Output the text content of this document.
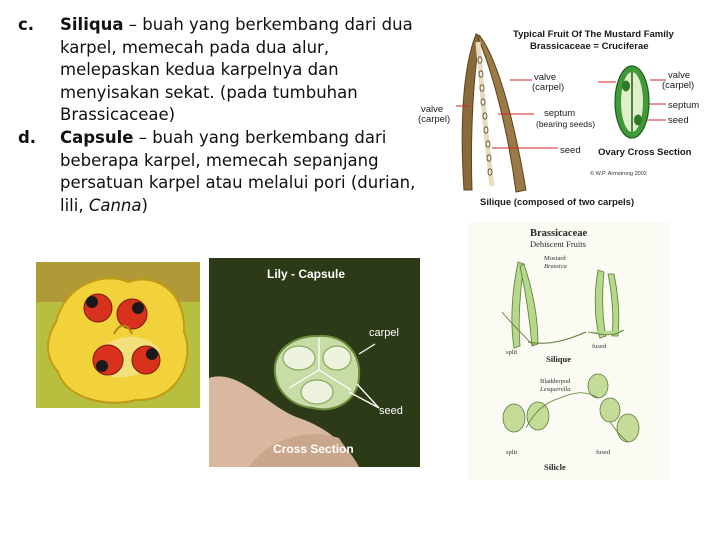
c.	Siliqua – buah yang berkembang dari dua karpel, memecah pada dua alur, melepaskan kedua karpelnya dan menyisakan sekat. (pada tumbuhan Brassicaceae)
d.	Capsule – buah yang berkembang dari beberapa karpel, memecah sepanjang persatuan karpel atau melalui pori (durian, lili, Canna)
Typical Fruit Of The Mustard Family
Brassicaceae = Cruciferae
valve
(carpel)
valve
(carpel)
septum
(bearing seeds)
seed
valve
(carpel)
septum
seed
Ovary Cross Section
© W.P. Armstrong 2002
Silique (composed of two carpels)
Brassicaceae
Dehiscent Fruits
Mustard
Brassica
split
fused
Silique
Bladderpod
Lesquerella
split	fused
Silicle
Lily - Capsule
carpel
seed
Cross Section
